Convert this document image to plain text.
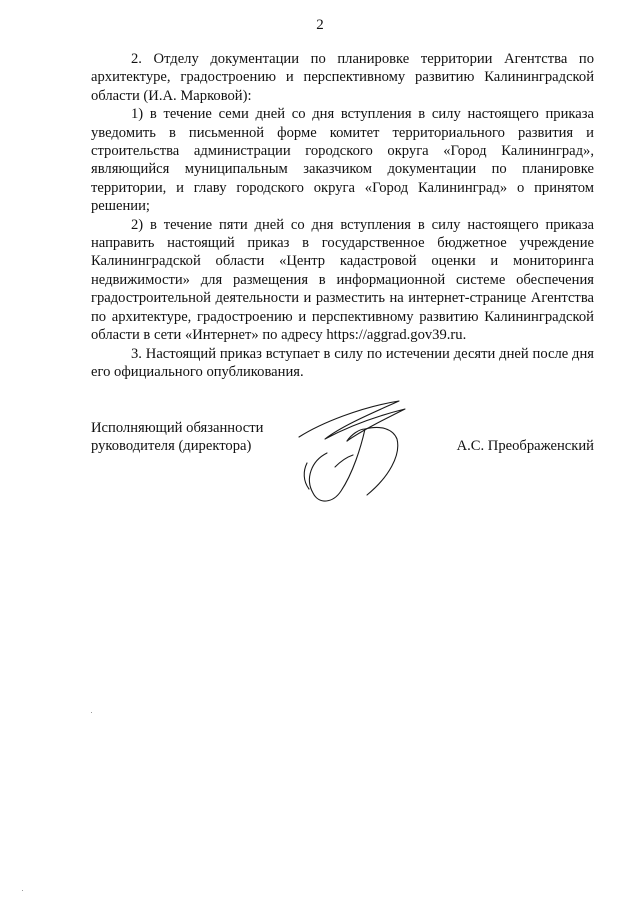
2

2. Отделу документации по планировке территории Агентства по архитектуре, градостроению и перспективному развитию Калининградской области (И.А. Марковой):

1) в течение семи дней со дня вступления в силу настоящего приказа уведомить в письменной форме комитет территориального развития и строительства администрации городского округа «Город Калининград», являющийся муниципальным заказчиком документации по планировке территории, и главу городского округа «Город Калининград» о принятом решении;

2) в течение пяти дней со дня вступления в силу настоящего приказа направить настоящий приказ в государственное бюджетное учреждение Калининградской области «Центр кадастровой оценки и мониторинга недвижимости» для размещения в информационной системе обеспечения градостроительной деятельности и разместить на интернет-странице Агентства по архитектуре, градостроению и перспективному развитию Калининградской области в сети «Интернет» по адресу https://aggrad.gov39.ru.

3. Настоящий приказ вступает в силу по истечении десяти дней после дня его официального опубликования.

Исполняющий обязанности
руководителя (директора)	А.С. Преображенский
